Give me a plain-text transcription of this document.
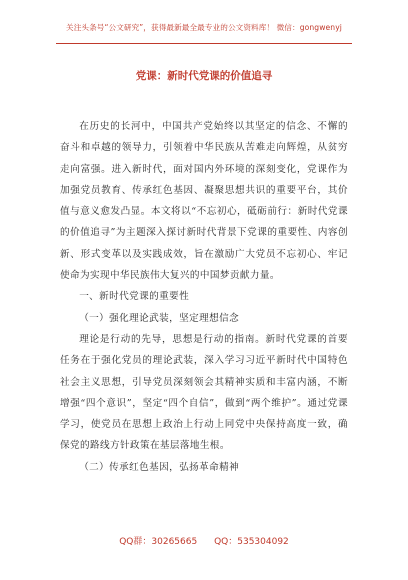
关注头条号“公文研究”，获得最新最全最专业的公文资料库！ 微信：gongwenyj
党课：新时代党课的价值追寻

在历史的长河中，中国共产党始终以其坚定的信念、不懈的奋斗和卓越的领导力，引领着中华民族从苦难走向辉煌，从贫穷走向富强。进入新时代，面对国内外环境的深刻变化，党课作为加强党员教育、传承红色基因、凝聚思想共识的重要平台，其价值与意义愈发凸显。本文将以“不忘初心，砥砺前行：新时代党课的价值追寻”为主题深入探讨新时代背景下党课的重要性、内容创新、形式变革以及实践成效，旨在激励广大党员不忘初心、牢记使命为实现中华民族伟大复兴的中国梦贡献力量。

一、新时代党课的重要性

（一）强化理论武装，坚定理想信念

理论是行动的先导，思想是行动的指南。新时代党课的首要任务在于强化党员的理论武装，深入学习习近平新时代中国特色社会主义思想，引导党员深刻领会其精神实质和丰富内涵，不断增强“四个意识”，坚定“四个自信”，做到“两个维护”。通过党课学习，使党员在思想上政治上行动上同党中央保持高度一致，确保党的路线方针政策在基层落地生根。

（二）传承红色基因，弘扬革命精神

QQ群：30265665 QQ：535304092
